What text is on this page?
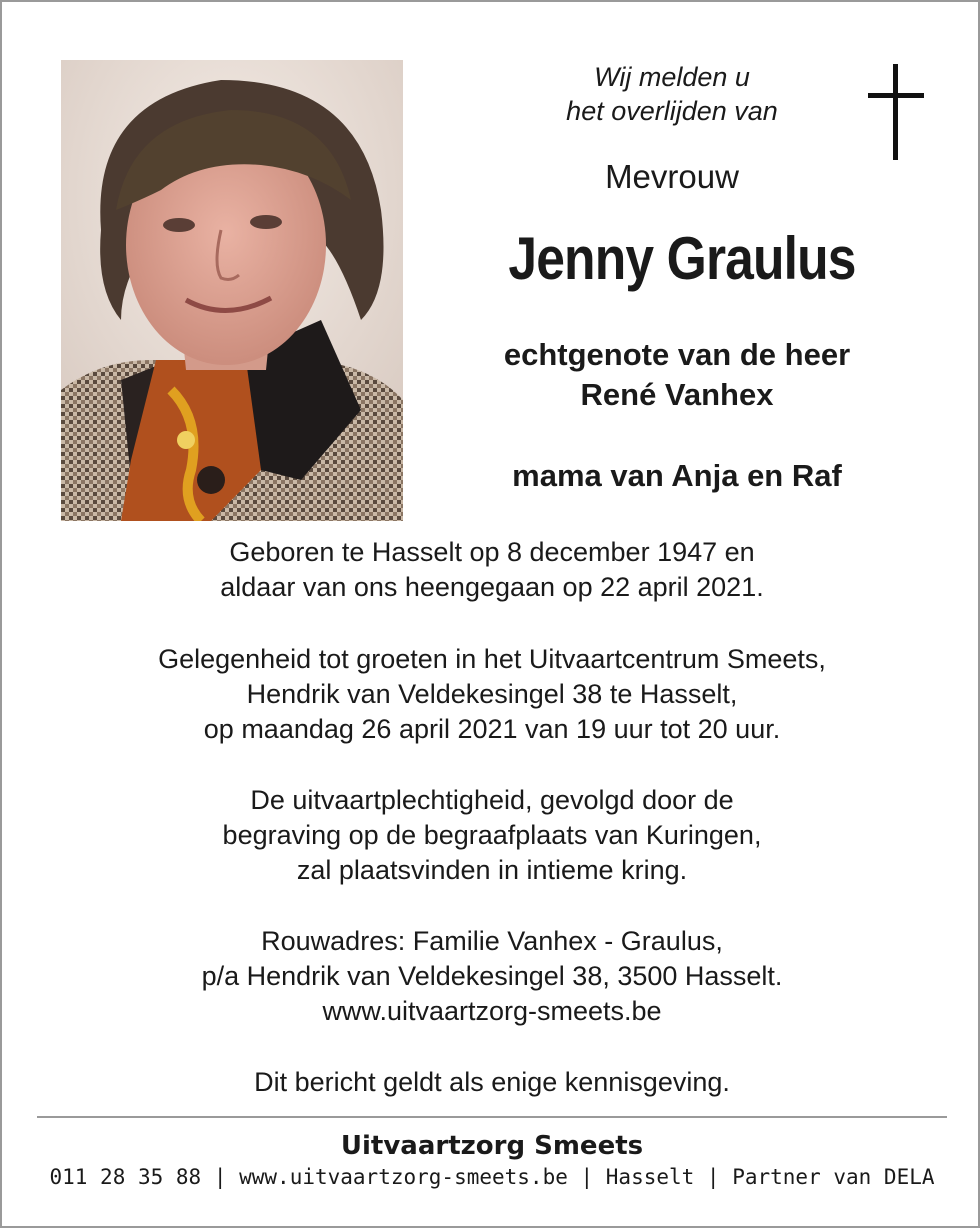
Wij melden u
het overlijden van
Mevrouw
Jenny Graulus
echtgenote van de heer
René Vanhex
mama van Anja en Raf
Geboren te Hasselt op 8 december 1947 en
aldaar van ons heengegaan op 22 april 2021.
Gelegenheid tot groeten in het Uitvaartcentrum Smeets,
Hendrik van Veldekesingel 38 te Hasselt,
op maandag 26 april 2021 van 19 uur tot 20 uur.
De uitvaartplechtigheid, gevolgd door de
begraving op de begraafplaats van Kuringen,
zal plaatsvinden in intieme kring.
Rouwadres: Familie Vanhex - Graulus,
p/a Hendrik van Veldekesingel 38, 3500 Hasselt.
www.uitvaartzorg-smeets.be
Dit bericht geldt als enige kennisgeving.
Uitvaartzorg Smeets
011 28 35 88 | www.uitvaartzorg-smeets.be | Hasselt | Partner van DELA
